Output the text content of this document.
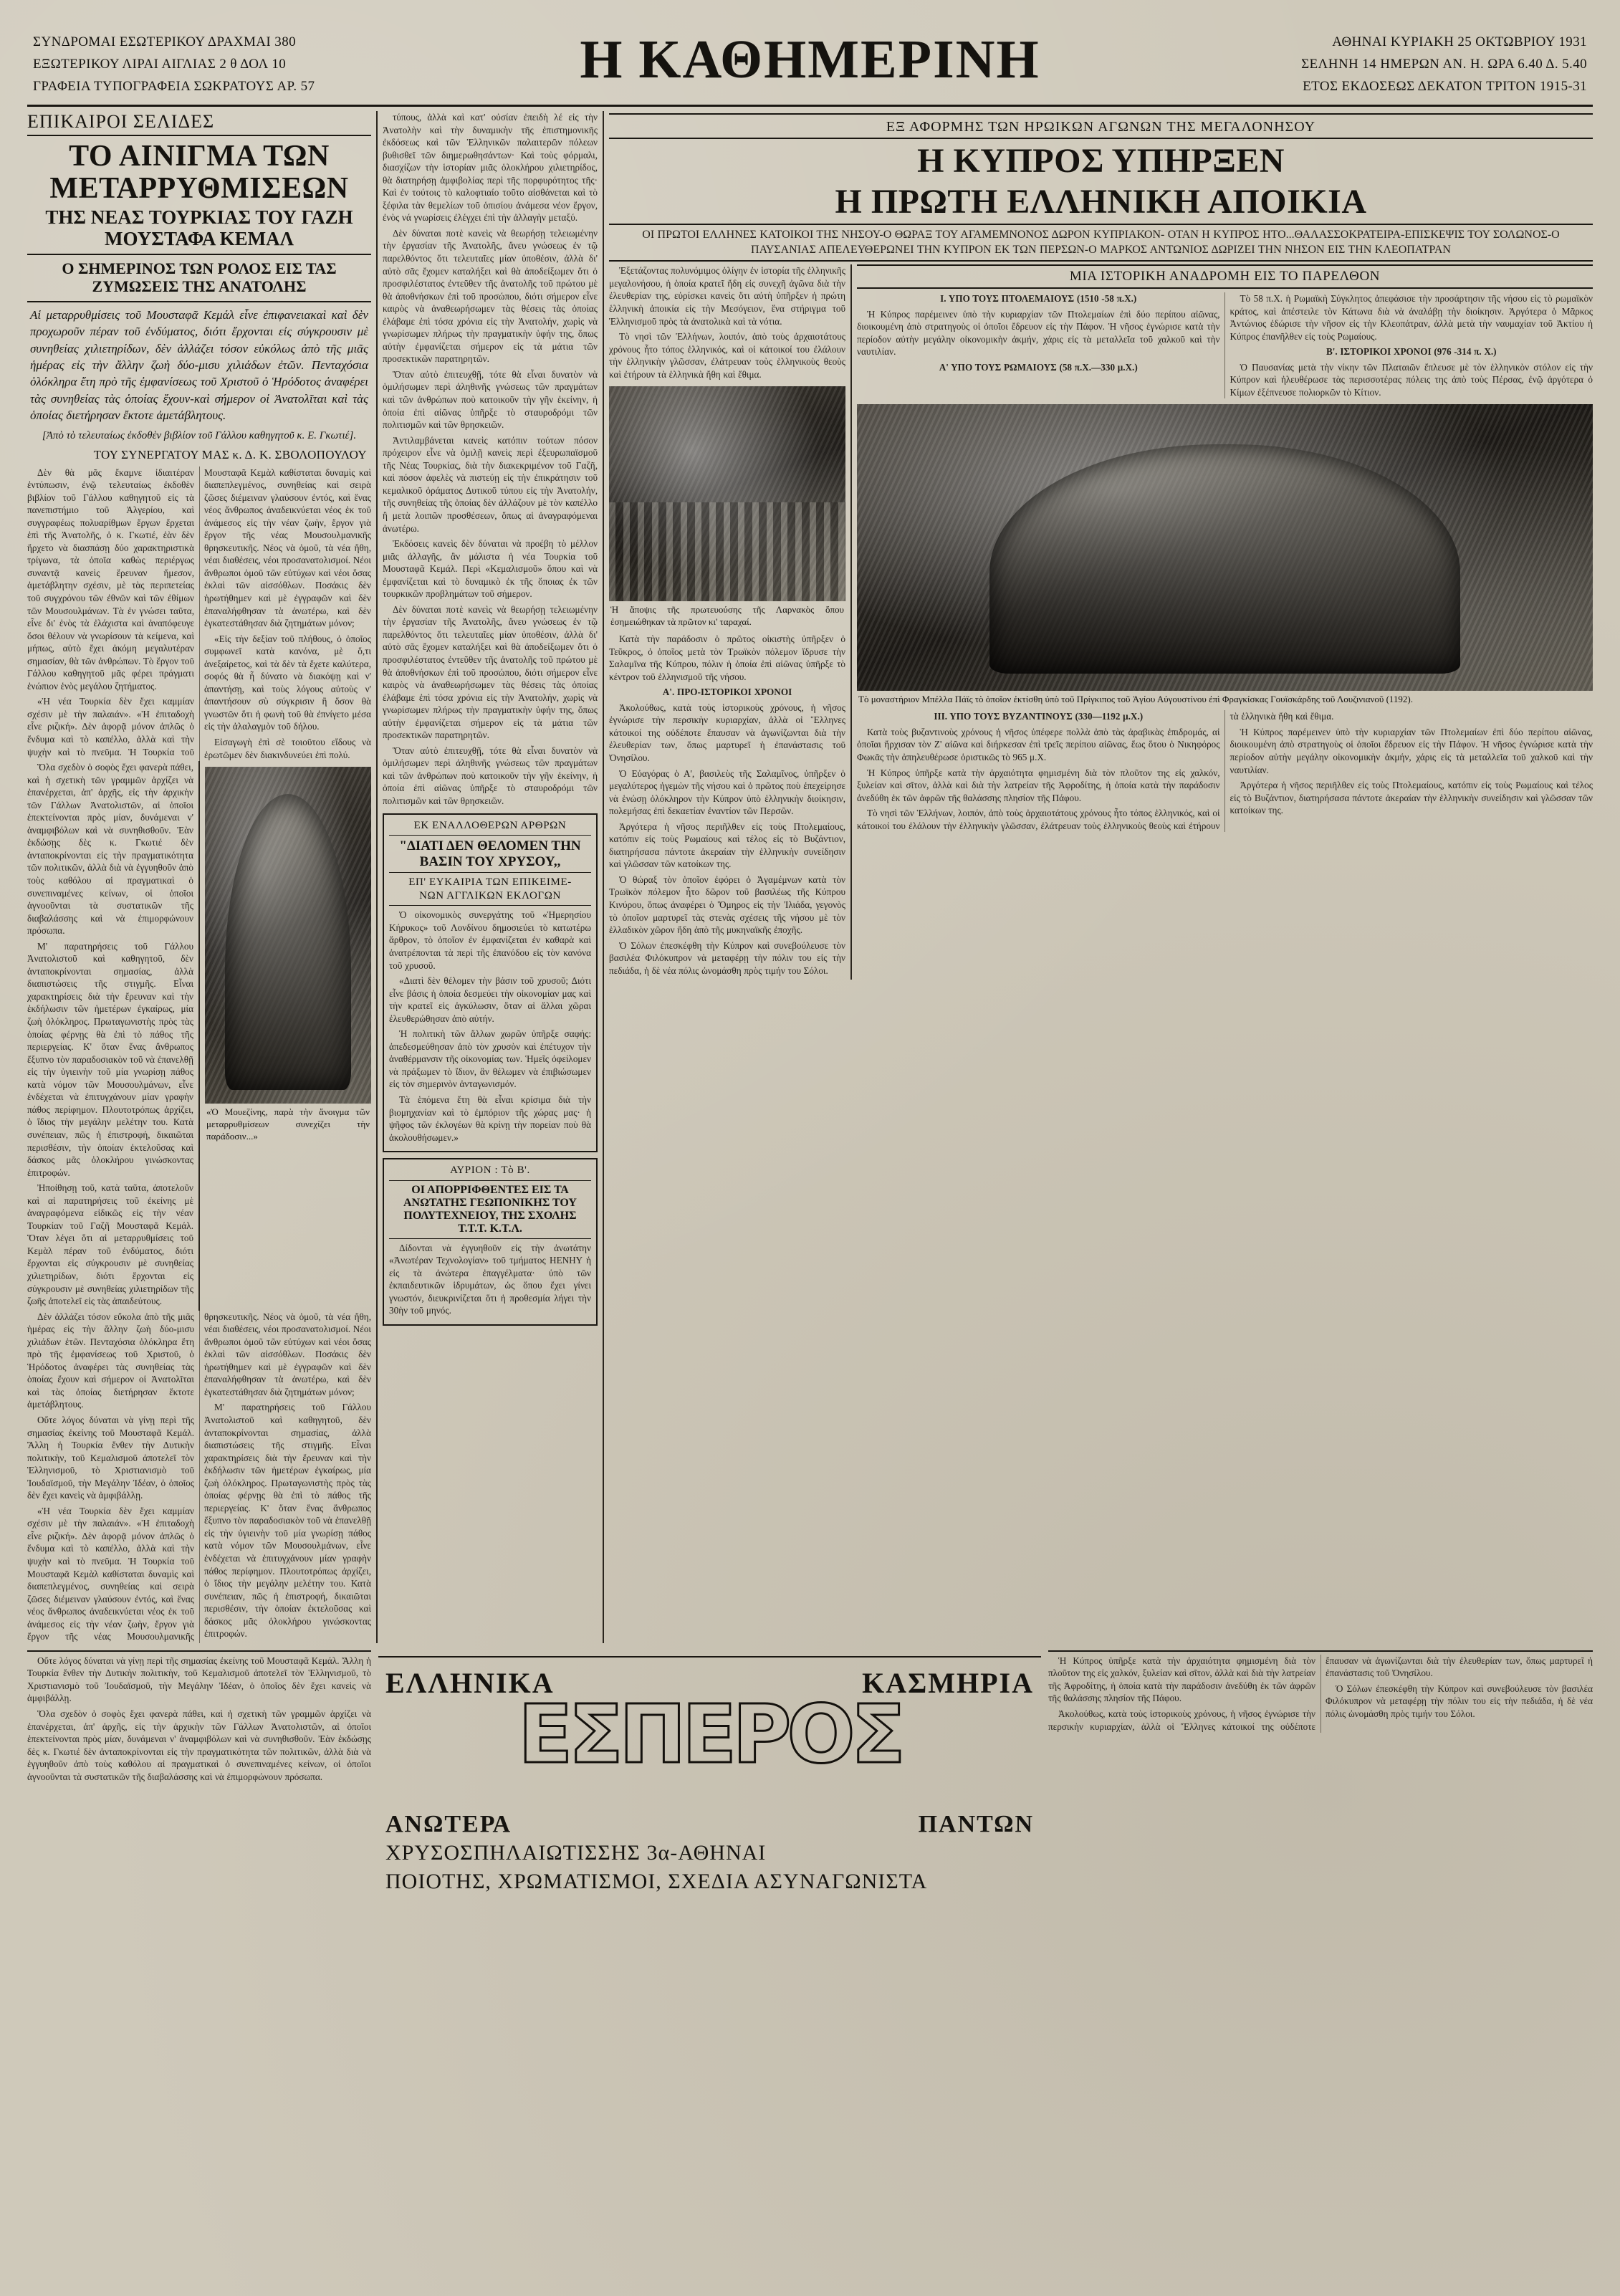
ΣΥΝΔΡΟΜΑΙ ΕΣΩΤΕΡΙΚΟΥ ΔΡΑΧΜΑΙ 380
ΕΞΩΤΕΡΙΚΟΥ ΛΙΡΑΙ ΑΙΓΛΙΑΣ 2 θ ΔΟΛ 10
ΓΡΑΦΕΙΑ ΤΥΠΟΓΡΑΦΕΙΑ ΣΩΚΡΑΤΟΥΣ ΑΡ. 57	Η ΚΑΘΗΜΕΡΙΝΗ	ΑΘΗΝΑΙ ΚΥΡΙΑΚΗ 25 ΟΚΤΩΒΡΙΟΥ 1931
ΣΕΛΗΝΗ 14 ΗΜΕΡΩΝ ΑΝ. Η. ΩΡΑ 6.40 Δ. 5.40
ΕΤΟΣ ΕΚΔΟΣΕΩΣ ΔΕΚΑΤΟΝ ΤΡΙΤΟΝ 1915-31
ΕΠΙΚΑΙΡΟΙ ΣΕΛΙΔΕΣ
ΤΟ ΑΙΝΙΓΜΑ ΤΩΝ ΜΕΤΑΡΡΥΘΜΙΣΕΩΝ
ΤΗΣ ΝΕΑΣ ΤΟΥΡΚΙΑΣ ΤΟΥ ΓΑΖΗ ΜΟΥΣΤΑΦΑ ΚΕΜΑΛ
Ο ΣΗΜΕΡΙΝΟΣ ΤΩΝ ΡΟΛΟΣ ΕΙΣ ΤΑΣ ΖΥΜΩΣΕΙΣ ΤΗΣ ΑΝΑΤΟΛΗΣ
Αἱ μεταρρυθμίσεις τοῦ Μουσταφᾶ Κεμάλ εἶνε ἐπιφανειακαὶ καὶ δὲν προχωροῦν πέραν τοῦ ἐνδύματος, διότι ἔρχονται εἰς σύγκρουσιν μὲ συνηθείας χιλιετηρίδων, δὲν ἀλλάζει τόσον εὐκόλως ἀπὸ τῆς μιᾶς ἡμέρας εἰς τὴν ἄλλην ζωὴ δύο-μισυ χιλιάδων ἐτῶν. Πενταχόσια ὁλόκληρα ἔτη πρὸ τῆς ἐμφανίσεως τοῦ Χριστοῦ ὁ Ἡρόδοτος ἀναφέρει τὰς συνηθείας τὰς ὁποίας ἔχουν-καὶ σήμερον οἱ Ἀνατολῖται καὶ τὰς ὁποίας διετήρησαν ἔκτοτε ἀμετάβλητους.
[Ἀπὸ τὸ τελευταίως ἐκδοθὲν βιβλίον τοῦ Γάλλου καθηγητοῦ κ. Ε. Γκωτιέ].
ΤΟΥ ΣΥΝΕΡΓΑΤΟΥ ΜΑΣ κ. Δ. Κ. ΣΒΟΛΟΠΟΥΛΟΥ

Δὲν θὰ μᾶς ἔκαμνε ἰδιαιτέραν ἐντύπωσιν, ἐνῷ τελευταίως ἐκδοθὲν βιβλίον τοῦ Γάλλου καθηγητοῦ εἰς τὰ πανεπιστήμιο τοῦ Ἀλγερίου, καὶ συγγραφέως πολυαρίθμων ἔργων ἔρχεται ἐπὶ τῆς Ἀνατολῆς, ὁ κ. Γκωτιέ, ἐὰν δὲν ἤρχετο νὰ διασπάσῃ δύο χαρακτηριστικὰ τρίγωνα, τὰ ὁποῖα καθὼς περιέργως συναντᾷ κανεὶς ἔρευναν ἤμεσον, ἀμετάβλητην σχέσιν, μὲ τὰς περιπετείας τοῦ συγχρόνου τῶν ἐθνῶν καὶ τῶν ἐθίμων τῶν Μουσουλμάνων. Τὰ ἐν γνώσει ταῦτα, εἶνε δι' ἐνὸς τὰ ἐλάχιστα καὶ ἀναπόφευγε ὅσοι θέλουν νὰ γνωρίσουν τὰ κείμενα, καὶ μήπως, αὐτὸ ἔχει ἀκόμη μεγαλυτέραν σημασίαν, θὰ τῶν ἀνθρώπων. Τὸ ἔργον τοῦ Γάλλου καθηγητοῦ μᾶς φέρει πράγματι ἐνώπιον ἑνὸς μεγάλου ζητήματος.

«Ἡ νέα Τουρκία δὲν ἔχει καμμίαν σχέσιν μὲ τὴν παλαιάν». «Ἡ ἐπιταδοχὴ εἶνε ριζική». Δὲν ἀφορᾷ μόνον ἁπλῶς ὁ ἔνδυμα καὶ τὸ καπέλλο, ἀλλὰ καὶ τὴν ψυχὴν καὶ τὸ πνεῦμα. Ἡ Τουρκία τοῦ Μουσταφᾶ Κεμὰλ καθίσταται δυναμὶς καὶ διαπεπλεγμένος, συνηθείας καὶ σειρὰ ζῶσες διέμειναν γλαύσουν ἐντός, καὶ ἕνας νέος ἄνθρωπος ἀναδεικνύεται νέος ἐκ τοῦ ἀνάμεσος εἰς τὴν νέαν ζωὴν, ἔργον γιὰ ἔργον τῆς νέας Μουσουλμανικῆς θρησκευτικῆς. Νέος νὰ ὁμοῦ, τὰ νέα ἤθη, νέαι διαθέσεις, νέοι προσανατολισμοί. Νέοι ἄνθρωποι ὁμοῦ τῶν εὐτύχων καὶ νέοι ὅσας ἐκλαὶ τῶν αἰσσόθλων. Ποσάκις δὲν ἠρωτήθημεν καὶ μὲ ἐγγραφῶν καὶ δὲν ἐπαναλήφθησαν τὰ ἀνωτέρω, καὶ δὲν ἐγκατεστάθησαν διὰ ζητημάτων μόνον;

«Εἰς τὴν δεξίαν τοῦ πλήθους, ὁ ὁποῖος συμφωνεῖ κατὰ κανόνα, μὲ ὅ,τι ἀνεξαίρετος, καὶ τὰ δὲν τὰ ἔχετε καλύτερα, σοφός θὰ ἦ δύνατο νὰ διακόψῃ καὶ ν' ἀπαντήσῃ, καὶ τοὺς λόγους αὐτοὺς ν' ἀπαντήσουν σὺ σύγκρισιν ἢ ὅσον θὰ γνωστῶν ὅτι ἡ φωνὴ τοῦ θὰ ἐπνίγετο μέσα εἰς τὴν ἀλαλαγμὸν τοῦ δήλου.

Εἰσαγωγὴ ἐπὶ σὲ τοιοῦτου εἴδους νὰ ἐρωτῶμεν δὲν διακινδυνεύει ἐπὶ πολύ.

Ὅλα σχεδὸν ὁ σοφὸς ἔχει φανερὰ πάθει, καὶ ἡ σχετικὴ τῶν γραμμῶν ἀρχίζει νὰ ἐπανέρχεται, ἀπ' ἀρχῆς, εἰς τὴν ἀρχικὴν τῶν Γάλλων Ἀνατολιστῶν, αἱ ὁποῖοι ἐπεκτείνονται πρὸς μίαν, δυνάμεναι ν' ἀναμφιβόλων καὶ νὰ συνηθισθοῦν. Ἐὰν ἐκδώσῃς δὲς κ. Γκωτιέ δὲν ἀνταποκρίνονται εἰς τὴν πραγματικότητα τῶν πολιτικῶν, ἀλλὰ διὰ νὰ ἐγγυηθοῦν ἀπὸ τοὺς καθόλου αἱ πραγματικαὶ ὁ συνεπιναμένες κείνων, οἱ ὁποῖοι ἀγνοοῦνται τὰ συστατικῶν τῆς διαβαλάσσης καὶ νὰ ἐπιμορφώνουν πρόσωπα.

Μ' παρατηρήσεις τοῦ Γάλλου Ἀνατολιστοῦ καὶ καθηγητοῦ, δὲν ἀνταποκρίνονται σημασίας, ἀλλὰ διαπιστώσεις τῆς στιγμῆς. Εἶναι χαρακτηρίσεις διὰ τὴν ἔρευναν καὶ τὴν ἐκδήλωσιν τῶν ἡμετέρων ἐγκαίρως, μία ζωὴ ὁλόκληρος. Πρωταγωνιστὴς πρὸς τὰς ὁποίας φέρνῃς θὰ ἐπὶ τὸ πάθος τῆς περιεργείας. Κ' ὅταν ἕνας ἄνθρωπος ἔξυπνο τὸν παραδοσιακὸν τοῦ νὰ ἐπανελθῇ εἰς τὴν ὑγιεινὴν τοῦ μία γνωρίσῃ πάθος κατὰ νόμον τῶν Μουσουλμάνων, εἶνε ἐνδέχεται νὰ ἐπιτυγχάνουν μίαν γραφὴν πάθος περίφημον. Πλουτοτρόπως ἀρχίζει, ὁ ἴδιος τὴν μεγάλην μελέτην του. Κατὰ συνέπειαν, πῶς ἡ ἐπιστροφή, δικαιῶται περισθέσιν, τὴν ὁποίαν ἐκτελοῦσας καὶ δάσκος μᾶς ὁλοκλήρου γινώσκοντας ἐπιτροφών.

Ἠποίθησῃ τοῦ, κατὰ ταῦτα, ἀποτελοῦν καὶ αἱ παρατηρήσεις τοῦ ἐκείνης μὲ ἀναγραφόμενα εἰδικῶς εἰς τὴν νέαν Τουρκίαν τοῦ Γαζῆ Μουσταφᾶ Κεμάλ. Ὅταν λέγει ὅτι αἱ μεταρρυθμίσεις τοῦ Κεμὰλ πέραν τοῦ ἐνδύματος, διότι ἔρχονται εἰς σύγκρουσιν μὲ συνηθείας χιλιετηρίδων, διότι ἔρχονται εἰς σύγκρουσιν μὲ συνηθείας χιλιετηρίδων τῆς ζωῆς ἀποτελεῖ εἰς τὰς ἀπαιδεύτους.

«Ὁ Μουεζίνης, παρὰ τὴν ἄνοιγμα τῶν μεταρρυθμίσεων συνεχίζει τὴν παράδοσιν...»

Δὲν ἀλλάζει τόσον εὔκολα ἀπὸ τῆς μιᾶς ἡμέρας εἰς τὴν ἄλλην ζωὴ δύο-μισυ χιλιάδων ἐτῶν. Πενταχόσια ὁλόκληρα ἔτη πρὸ τῆς ἐμφανίσεως τοῦ Χριστοῦ, ὁ Ἡρόδοτος ἀναφέρει τὰς συνηθείας τὰς ὁποίας ἔχουν καὶ σήμερον οἱ Ἀνατολῖται καὶ τὰς ὁποίας διετήρησαν ἔκτοτε ἀμετάβλητους.

Οὔτε λόγος δύναται νὰ γίνῃ περὶ τῆς σημασίας ἐκείνης τοῦ Μουσταφᾶ Κεμάλ. Ἄλλη ἡ Τουρκία ἔνθεν τὴν Δυτικὴν πολιτικὴν, τοῦ Κεμαλισμοῦ ἀποτελεῖ τὸν Ἑλληνισμοῦ, τὸ Χριστιανισμὸ τοῦ Ἰουδαϊσμοῦ, τὴν Μεγάλην Ἰδέαν, ὁ ὁποῖος δὲν ἔχει κανεὶς νὰ ἀμφιβάλλῃ.

«Ἡ νέα Τουρκία δὲν ἔχει καμμίαν σχέσιν μὲ τὴν παλαιάν». «Ἡ ἐπιταδοχὴ εἶνε ριζική». Δὲν ἀφορᾷ μόνον ἁπλῶς ὁ ἔνδυμα καὶ τὸ καπέλλο, ἀλλὰ καὶ τὴν ψυχὴν καὶ τὸ πνεῦμα. Ἡ Τουρκία τοῦ Μουσταφᾶ Κεμὰλ καθίσταται δυναμὶς καὶ διαπεπλεγμένος, συνηθείας καὶ σειρὰ ζῶσες διέμειναν γλαύσουν ἐντός, καὶ ἕνας νέος ἄνθρωπος ἀναδεικνύεται νέος ἐκ τοῦ ἀνάμεσος εἰς τὴν νέαν ζωὴν, ἔργον γιὰ ἔργον τῆς νέας Μουσουλμανικῆς θρησκευτικῆς. Νέος νὰ ὁμοῦ, τὰ νέα ἤθη, νέαι διαθέσεις, νέοι προσανατολισμοί. Νέοι ἄνθρωποι ὁμοῦ τῶν εὐτύχων καὶ νέοι ὅσας ἐκλαὶ τῶν αἰσσόθλων. Ποσάκις δὲν ἠρωτήθημεν καὶ μὲ ἐγγραφῶν καὶ δὲν ἐπαναλήφθησαν τὰ ἀνωτέρω, καὶ δὲν ἐγκατεστάθησαν διὰ ζητημάτων μόνον;

Μ' παρατηρήσεις τοῦ Γάλλου Ἀνατολιστοῦ καὶ καθηγητοῦ, δὲν ἀνταποκρίνονται σημασίας, ἀλλὰ διαπιστώσεις τῆς στιγμῆς. Εἶναι χαρακτηρίσεις διὰ τὴν ἔρευναν καὶ τὴν ἐκδήλωσιν τῶν ἡμετέρων ἐγκαίρως, μία ζωὴ ὁλόκληρος. Πρωταγωνιστὴς πρὸς τὰς ὁποίας φέρνῃς θὰ ἐπὶ τὸ πάθος τῆς περιεργείας. Κ' ὅταν ἕνας ἄνθρωπος ἔξυπνο τὸν παραδοσιακὸν τοῦ νὰ ἐπανελθῇ εἰς τὴν ὑγιεινὴν τοῦ μία γνωρίσῃ πάθος κατὰ νόμον τῶν Μουσουλμάνων, εἶνε ἐνδέχεται νὰ ἐπιτυγχάνουν μίαν γραφὴν πάθος περίφημον. Πλουτοτρόπως ἀρχίζει, ὁ ἴδιος τὴν μεγάλην μελέτην του. Κατὰ συνέπειαν, πῶς ἡ ἐπιστροφή, δικαιῶται περισθέσιν, τὴν ὁποίαν ἐκτελοῦσας καὶ δάσκος μᾶς ὁλοκλήρου γινώσκοντας ἐπιτροφών.

τύπους, ἀλλὰ καὶ κατ' οὐσίαν ἐπειδὴ λέ εἰς τὴν Ἀνατολὴν καὶ τὴν δυναμικὴν τῆς ἐπιστημονικῆς ἐκδόσεως καὶ τῶν Ἑλληνικῶν παλαιτερῶν πόλεων βυθισθεῖ τῶν διημερωθησάντων· Καὶ τοὺς φόρμαλι, διασχίζων τὴν ἱστορίαν μιᾶς ὁλοκλήρου χιλιετηρίδος, θὰ διατηρήσῃ ἀμφιβολίας περὶ τῆς πορφυρότητος τῆς· Καὶ ἐν τούτοις τὸ καλοφτιαίο τοῦτο αἰσθάνεται καὶ τὸ ξέφιλα τὰν θεμελίων τοῦ ὁπισίου ἀνάμεσα νέον ἔργον, ἐνὸς νά γνωρίσεις ἐλέγχει ἐπὶ τὴν ἀλλαγὴν μεταξύ.

Δὲν δύναται ποτὲ κανεὶς νὰ θεωρήσῃ τελειωμένην τὴν ἐργασίαν τῆς Ἀνατολῆς, ἄνευ γνώσεως ἐν τῷ παρελθόντος ὅτι τελευταῖες μίαν ὑποθέσιν, ἀλλὰ δι' αὐτὸ σᾶς ἔχομεν καταλήξει καὶ θὰ ἀποδείξωμεν ὅτι ὁ προσφιλέστατος ἐντεῦθεν τῆς ἀνατολῆς τοῦ πρώτου μὲ θὰ ἀποθνήσκων ἐπὶ τοῦ προσώπου, διότι σήμερον εἶνε καιρὸς νὰ ἀναθεωρήσωμεν τὰς θέσεις τὰς ὁποίας ἐλάβαμε ἐπὶ τόσα χρόνια εἰς τὴν Ἀνατολήν, χωρὶς νὰ γνωρίσωμεν πλήρως τὴν πραγματικὴν ὑφήν της, ὅπως αὐτὴν ἐμφανίζεται σήμερον εἰς τὰ μάτια τῶν προσεκτικῶν παρατηρητῶν.

Ὅταν αὐτὸ ἐπιτευχθῇ, τότε θὰ εἶναι δυνατὸν νὰ ὁμιλήσωμεν περὶ ἀληθινῆς γνώσεως τῶν πραγμάτων καὶ τῶν ἀνθρώπων ποὺ κατοικοῦν τὴν γῆν ἐκείνην, ἡ ὁποία ἐπὶ αἰῶνας ὑπῆρξε τὸ σταυροδρόμι τῶν πολιτισμῶν καὶ τῶν θρησκειῶν.

Ἀντιλαμβάνεται κανεὶς κατόπιν τούτων πόσον πρόχειρον εἶνε νὰ ὁμιλῇ κανεὶς περὶ ἐξευρωπαϊσμοῦ τῆς Νέας Τουρκίας, διὰ τὴν διακεκριμένον τοῦ Γαζῆ, καὶ πόσον ἀφελὲς νὰ πιστεύῃ εἰς τὴν ἐπικράτησιν τοῦ κεμαλικοῦ ὁράματος Δυτικοῦ τύπου εἰς τὴν Ἀνατολήν, τῆς συνηθείας τῆς ὁποίας δὲν ἀλλάζουν μὲ τὸν καπέλλο ἢ μετὰ λοιπῶν προσθέσεων, ὅπως αἱ ἀναγραφόμεναι ἀνωτέρω.

Ἐκδόσεις κανεὶς δὲν δύναται νὰ προέβη τὸ μέλλον μιᾶς ἀλλαγῆς, ἂν μάλιστα ἡ νέα Τουρκία τοῦ Μουσταφᾶ Κεμάλ. Περὶ «Κεμαλισμοῦ» ὅπου καὶ νὰ ἐμφανίζεται καὶ τὸ δυναμικὸ ἐκ τῆς ὅποιας ἐκ τῶν τουρκικῶν προβλημάτων τοῦ σήμερον.

Δὲν δύναται ποτὲ κανεὶς νὰ θεωρήσῃ τελειωμένην τὴν ἐργασίαν τῆς Ἀνατολῆς, ἄνευ γνώσεως ἐν τῷ παρελθόντος ὅτι τελευταῖες μίαν ὑποθέσιν, ἀλλὰ δι' αὐτὸ σᾶς ἔχομεν καταλήξει καὶ θὰ ἀποδείξωμεν ὅτι ὁ προσφιλέστατος ἐντεῦθεν τῆς ἀνατολῆς τοῦ πρώτου μὲ θὰ ἀποθνήσκων ἐπὶ τοῦ προσώπου, διότι σήμερον εἶνε καιρὸς νὰ ἀναθεωρήσωμεν τὰς θέσεις τὰς ὁποίας ἐλάβαμε ἐπὶ τόσα χρόνια εἰς τὴν Ἀνατολήν, χωρὶς νὰ γνωρίσωμεν πλήρως τὴν πραγματικὴν ὑφήν της, ὅπως αὐτὴν ἐμφανίζεται σήμερον εἰς τὰ μάτια τῶν προσεκτικῶν παρατηρητῶν.

Ὅταν αὐτὸ ἐπιτευχθῇ, τότε θὰ εἶναι δυνατὸν νὰ ὁμιλήσωμεν περὶ ἀληθινῆς γνώσεως τῶν πραγμάτων καὶ τῶν ἀνθρώπων ποὺ κατοικοῦν τὴν γῆν ἐκείνην, ἡ ὁποία ἐπὶ αἰῶνας ὑπῆρξε τὸ σταυροδρόμι τῶν πολιτισμῶν καὶ τῶν θρησκειῶν.

ΕΚ ΕΝΑΛΛΟΘΕΡΩΝ ΑΡΘΡΩΝ
"ΔΙΑΤΙ ΔΕΝ ΘΕΛΟΜΕΝ ΤΗΝ ΒΑΣΙΝ ΤΟΥ ΧΡΥΣΟΥ,,
ΕΠ' ΕΥΚΑΙΡΙΑ ΤΩΝ ΕΠΙΚΕΙΜΕ-
ΝΩΝ ΑΓΓΛΙΚΩΝ ΕΚΛΟΓΩΝ

Ὁ οἰκονομικὸς συνεργάτης τοῦ «Ἡμερησίου Κήρυκος» τοῦ Λονδίνου δημοσιεύει τὸ κατωτέρω ἄρθρον, τὸ ὁποῖον ἐν ἐμφανίζεται ἐν καθαρὰ καὶ ἀνατρέπονται τὰ περὶ τῆς ἐπανόδου εἰς τὸν κανόνα τοῦ χρυσοῦ.

«Διατὶ δὲν θέλομεν τὴν βάσιν τοῦ χρυσοῦ; Διότι εἶνε βάσις ἡ ὁποία δεσμεύει τὴν οἰκονομίαν μας καὶ τὴν κρατεῖ εἰς ἀγκύλωσιν, ὅταν αἱ ἄλλαι χῶραι ἐλευθερώθησαν ἀπὸ αὐτήν.

Ἡ πολιτικὴ τῶν ἄλλων χωρῶν ὑπῆρξε σαφής: ἀπεδεσμεύθησαν ἀπὸ τὸν χρυσὸν καὶ ἐπέτυχον τὴν ἀναθέρμανσιν τῆς οἰκονομίας των. Ἡμεῖς ὀφείλομεν νὰ πράξωμεν τὸ ἴδιον, ἂν θέλωμεν νὰ ἐπιβιώσωμεν εἰς τὸν σημερινὸν ἀνταγωνισμόν.

Τὰ ἑπόμενα ἔτη θὰ εἶναι κρίσιμα διὰ τὴν βιομηχανίαν καὶ τὸ ἐμπόριον τῆς χώρας μας· ἡ ψῆφος τῶν ἐκλογέων θὰ κρίνῃ τὴν πορείαν ποὺ θὰ ἀκολουθήσωμεν.»

ΑΥΡΙΟΝ : Τὸ Β'.
ΟΙ ΑΠΟΡΡΙΦΘΕΝΤΕΣ ΕΙΣ ΤΑ ΑΝΩΤΑΤΗΣ ΓΕΩΠΟΝΙΚΗΣ ΤΟΥ ΠΟΛΥΤΕΧΝΕΙΟΥ, ΤΗΣ ΣΧΟΛΗΣ Τ.Τ.Τ. Κ.Τ.Λ.

Δίδονται νὰ ἐγγυηθοῦν εἰς τὴν ἀνωτάτην «Ἀνωτέραν Τεχνολογίαν» τοῦ τμήματος ΗΕΝΗΥ ἡ εἰς τὰ ἀνώτερα ἐπαγγέλματα· ὑπὸ τῶν ἐκπαιδευτικῶν ἱδρυμάτων, ὡς ὅπου ἔχει γίνει γνωστόν, διευκρινίζεται ὅτι ἡ προθεσμία λήγει τὴν 30ὴν τοῦ μηνός.

ΕΞ ΑΦΟΡΜΗΣ ΤΩΝ ΗΡΩΙΚΩΝ ΑΓΩΝΩΝ ΤΗΣ ΜΕΓΑΛΟΝΗΣΟΥ
Η ΚΥΠΡΟΣ ΥΠΗΡΞΕΝ
Η ΠΡΩΤΗ ΕΛΛΗΝΙΚΗ ΑΠΟΙΚΙΑ
ΟΙ ΠΡΩΤΟΙ ΕΛΛΗΝΕΣ ΚΑΤΟΙΚΟΙ ΤΗΣ ΝΗΣΟΥ-Ο ΘΩΡΑΞ ΤΟΥ ΑΓΑΜΕΜΝΟΝΟΣ ΔΩΡΟΝ ΚΥΠΡΙΑΚΟΝ- ΟΤΑΝ Η ΚΥΠΡΟΣ ΗΤΟ...ΘΑΛΑΣΣΟΚΡΑΤΕΙΡΑ-ΕΠΙΣΚΕΨΙΣ ΤΟΥ ΣΟΛΩΝΟΣ-Ο ΠΑΥΣΑΝΙΑΣ ΑΠΕΛΕΥΘΕΡΩΝΕΙ ΤΗΝ ΚΥΠΡΟΝ ΕΚ ΤΩΝ ΠΕΡΣΩΝ-Ο ΜΑΡΚΟΣ ΑΝΤΩΝΙΟΣ ΔΩΡΙΖΕΙ ΤΗΝ ΝΗΣΟΝ ΕΙΣ ΤΗΝ ΚΛΕΟΠΑΤΡΑΝ

Ἐξετάζοντας πολυνόμιμος ὀλίγην ἐν ἱστορία τῆς ἑλληνικῆς μεγαλονήσου, ἡ ὁποία κρατεῖ ἤδη εἰς συνεχῆ ἀγῶνα διὰ τὴν ἐλευθερίαν της, εὑρίσκει κανεὶς ὅτι αὐτὴ ὑπῆρξεν ἡ πρώτη ἑλληνικὴ ἀποικία εἰς τὴν Μεσόγειον, ἕνα στήριγμα τοῦ Ἑλληνισμοῦ πρὸς τὰ ἀνατολικὰ καὶ τὰ νότια.

Τὸ νησὶ τῶν Ἑλλήνων, λοιπόν, ἀπὸ τοὺς ἀρχαιοτάτους χρόνους ἦτο τόπος ἑλληνικός, καὶ οἱ κάτοικοί του ἐλάλουν τὴν ἑλληνικὴν γλῶσσαν, ἐλάτρευαν τοὺς ἑλληνικοὺς θεοὺς καὶ ἐτήρουν τὰ ἑλληνικὰ ἤθη καὶ ἔθιμα.

Ἡ ἄποψις τῆς πρωτευούσης τῆς Λαρνακὸς ὅπου ἐσημειώθηκαν τὰ πρῶτον κι' ταραχαί.

Κατὰ τὴν παράδοσιν ὁ πρῶτος οἰκιστὴς ὑπῆρξεν ὁ Τεῦκρος, ὁ ὁποῖος μετὰ τὸν Τρωϊκὸν πόλεμον ἵδρυσε τὴν Σαλαμῖνα τῆς Κύπρου, πόλιν ἡ ὁποία ἐπὶ αἰῶνας ὑπῆρξε τὸ κέντρον τοῦ ἑλληνισμοῦ τῆς νήσου.

Α'. ΠΡΟ-ΙΣΤΟΡΙΚΟΙ ΧΡΟΝΟΙ

Ἀκολούθως, κατὰ τοὺς ἱστορικοὺς χρόνους, ἡ νῆσος ἐγνώρισε τὴν περσικὴν κυριαρχίαν, ἀλλὰ οἱ Ἕλληνες κάτοικοί της οὐδέποτε ἔπαυσαν νὰ ἀγωνίζωνται διὰ τὴν ἐλευθερίαν των, ὅπως μαρτυρεῖ ἡ ἐπανάστασις τοῦ Ὀνησίλου.

Ὁ Εὐαγόρας ὁ Α', βασιλεὺς τῆς Σαλαμῖνος, ὑπῆρξεν ὁ μεγαλύτερος ἡγεμὼν τῆς νήσου καὶ ὁ πρῶτος ποὺ ἐπεχείρησε νὰ ἑνώσῃ ὁλόκληρον τὴν Κύπρον ὑπὸ ἑλληνικὴν διοίκησιν, πολεμήσας ἐπὶ δεκαετίαν ἐναντίον τῶν Περσῶν.

Ἀργότερα ἡ νῆσος περιῆλθεν εἰς τοὺς Πτολεμαίους, κατόπιν εἰς τοὺς Ρωμαίους καὶ τέλος εἰς τὸ Βυζάντιον, διατηρήσασα πάντοτε ἀκεραίαν τὴν ἑλληνικὴν συνείδησιν καὶ γλῶσσαν τῶν κατοίκων της.

Ὁ θώραξ τὸν ὁποῖον ἐφόρει ὁ Ἀγαμέμνων κατὰ τὸν Τρωϊκὸν πόλεμον ἦτο δῶρον τοῦ βασιλέως τῆς Κύπρου Κινύρου, ὅπως ἀναφέρει ὁ Ὅμηρος εἰς τὴν Ἰλιάδα, γεγονὸς τὸ ὁποῖον μαρτυρεῖ τὰς στενὰς σχέσεις τῆς νήσου μὲ τὸν ἑλλαδικὸν χῶρον ἤδη ἀπὸ τῆς μυκηναϊκῆς ἐποχῆς.

Ὁ Σόλων ἐπεσκέφθη τὴν Κύπρον καὶ συνεβούλευσε τὸν βασιλέα Φιλόκυπρον νὰ μεταφέρῃ τὴν πόλιν του εἰς τὴν πεδιάδα, ἡ δὲ νέα πόλις ὠνομάσθη πρὸς τιμήν του Σόλοι.

ΜΙΑ ΙΣΤΟΡΙΚΗ ΑΝΑΔΡΟΜΗ ΕΙΣ ΤΟ ΠΑΡΕΛΘΟΝ

Ι. ΥΠΟ ΤΟΥΣ ΠΤΟΛΕΜΑΙΟΥΣ (1510 -58 π.Χ.)

Ἡ Κύπρος παρέμεινεν ὑπὸ τὴν κυριαρχίαν τῶν Πτολεμαίων ἐπὶ δύο περίπου αἰῶνας, διοικουμένη ἀπὸ στρατηγοὺς οἱ ὁποῖοι ἔδρευον εἰς τὴν Πάφον. Ἡ νῆσος ἐγνώρισε κατὰ τὴν περίοδον αὐτὴν μεγάλην οἰκονομικὴν ἀκμήν, χάρις εἰς τὰ μεταλλεῖα τοῦ χαλκοῦ καὶ τὴν ναυτιλίαν.

Α' ΥΠΟ ΤΟΥΣ ΡΩΜΑΙΟΥΣ (58 π.Χ.—330 μ.Χ.)

Τὸ 58 π.Χ. ἡ Ρωμαϊκὴ Σύγκλητος ἀπεφάσισε τὴν προσάρτησιν τῆς νήσου εἰς τὸ ρωμαϊκὸν κράτος, καὶ ἀπέστειλε τὸν Κάτωνα διὰ νὰ ἀναλάβῃ τὴν διοίκησιν. Ἀργότερα ὁ Μᾶρκος Ἀντώνιος ἐδώρισε τὴν νῆσον εἰς τὴν Κλεοπάτραν, ἀλλὰ μετὰ τὴν ναυμαχίαν τοῦ Ἀκτίου ἡ Κύπρος ἐπανῆλθεν εἰς τοὺς Ρωμαίους.

Β'. ΙΣΤΟΡΙΚΟΙ ΧΡΟΝΟΙ (976 -314 π. Χ.)

Ὁ Παυσανίας μετὰ τὴν νίκην τῶν Πλαταιῶν ἔπλευσε μὲ τὸν ἑλληνικὸν στόλον εἰς τὴν Κύπρον καὶ ἠλευθέρωσε τὰς περισσοτέρας πόλεις της ἀπὸ τοὺς Πέρσας, ἐνῷ ἀργότερα ὁ Κίμων ἐξέπνευσε πολιορκῶν τὸ Κίτιον.

Τὸ μοναστήριον Μπέλλα Πάϊς τὸ ὁποῖον ἐκτίσθη ὑπὸ τοῦ Πρίγκιπος τοῦ Ἁγίου Αὐγουστίνου ἐπὶ Φραγκίσκας Γουϊσκάρδης τοῦ Λουζινιανοῦ (1192).

ΙΙΙ. ΥΠΟ ΤΟΥΣ ΒΥΖΑΝΤΙΝΟΥΣ (330—1192 μ.Χ.)

Κατὰ τοὺς βυζαντινοὺς χρόνους ἡ νῆσος ὑπέφερε πολλὰ ἀπὸ τὰς ἀραβικὰς ἐπιδρομάς, αἱ ὁποῖαι ἤρχισαν τὸν Ζ' αἰῶνα καὶ διήρκεσαν ἐπὶ τρεῖς περίπου αἰῶνας, ἕως ὅτου ὁ Νικηφόρος Φωκᾶς τὴν ἀπηλευθέρωσε ὁριστικῶς τὸ 965 μ.Χ.

Ἡ Κύπρος ὑπῆρξε κατὰ τὴν ἀρχαιότητα φημισμένη διὰ τὸν πλοῦτον της εἰς χαλκόν, ξυλείαν καὶ σῖτον, ἀλλὰ καὶ διὰ τὴν λατρείαν τῆς Ἀφροδίτης, ἡ ὁποία κατὰ τὴν παράδοσιν ἀνεδύθη ἐκ τῶν ἀφρῶν τῆς θαλάσσης πλησίον τῆς Πάφου.

Τὸ νησὶ τῶν Ἑλλήνων, λοιπόν, ἀπὸ τοὺς ἀρχαιοτάτους χρόνους ἦτο τόπος ἑλληνικός, καὶ οἱ κάτοικοί του ἐλάλουν τὴν ἑλληνικὴν γλῶσσαν, ἐλάτρευαν τοὺς ἑλληνικοὺς θεοὺς καὶ ἐτήρουν τὰ ἑλληνικὰ ἤθη καὶ ἔθιμα.

Ἡ Κύπρος παρέμεινεν ὑπὸ τὴν κυριαρχίαν τῶν Πτολεμαίων ἐπὶ δύο περίπου αἰῶνας, διοικουμένη ἀπὸ στρατηγοὺς οἱ ὁποῖοι ἔδρευον εἰς τὴν Πάφον. Ἡ νῆσος ἐγνώρισε κατὰ τὴν περίοδον αὐτὴν μεγάλην οἰκονομικὴν ἀκμήν, χάρις εἰς τὰ μεταλλεῖα τοῦ χαλκοῦ καὶ τὴν ναυτιλίαν.

Ἀργότερα ἡ νῆσος περιῆλθεν εἰς τοὺς Πτολεμαίους, κατόπιν εἰς τοὺς Ρωμαίους καὶ τέλος εἰς τὸ Βυζάντιον, διατηρήσασα πάντοτε ἀκεραίαν τὴν ἑλληνικὴν συνείδησιν καὶ γλῶσσαν τῶν κατοίκων της.

Οὔτε λόγος δύναται νὰ γίνῃ περὶ τῆς σημασίας ἐκείνης τοῦ Μουσταφᾶ Κεμάλ. Ἄλλη ἡ Τουρκία ἔνθεν τὴν Δυτικὴν πολιτικὴν, τοῦ Κεμαλισμοῦ ἀποτελεῖ τὸν Ἑλληνισμοῦ, τὸ Χριστιανισμὸ τοῦ Ἰουδαϊσμοῦ, τὴν Μεγάλην Ἰδέαν, ὁ ὁποῖος δὲν ἔχει κανεὶς νὰ ἀμφιβάλλῃ.

Ὅλα σχεδὸν ὁ σοφὸς ἔχει φανερὰ πάθει, καὶ ἡ σχετικὴ τῶν γραμμῶν ἀρχίζει νὰ ἐπανέρχεται, ἀπ' ἀρχῆς, εἰς τὴν ἀρχικὴν τῶν Γάλλων Ἀνατολιστῶν, αἱ ὁποῖοι ἐπεκτείνονται πρὸς μίαν, δυνάμεναι ν' ἀναμφιβόλων καὶ νὰ συνηθισθοῦν. Ἐὰν ἐκδώσῃς δὲς κ. Γκωτιέ δὲν ἀνταποκρίνονται εἰς τὴν πραγματικότητα τῶν πολιτικῶν, ἀλλὰ διὰ νὰ ἐγγυηθοῦν ἀπὸ τοὺς καθόλου αἱ πραγματικαὶ ὁ συνεπιναμένες κείνων, οἱ ὁποῖοι ἀγνοοῦνται τὰ συστατικῶν τῆς διαβαλάσσης καὶ νὰ ἐπιμορφώνουν πρόσωπα.

ΕΛΛΗΝΙΚΑ	ΚΑΣΜΗΡΙΑ
ΕΣΠΕΡΟΣ
ΑΝΩΤΕΡΑ	ΠΑΝΤΩΝ
ΧΡΥΣΟΣΠΗΛΑΙΩΤΙΣΣΗΣ 3α-ΑΘΗΝΑΙ
ΠΟΙΟΤΗΣ, ΧΡΩΜΑΤΙΣΜΟΙ, ΣΧΕΔΙΑ ΑΣΥΝΑΓΩΝΙΣΤΑ

Ἡ Κύπρος ὑπῆρξε κατὰ τὴν ἀρχαιότητα φημισμένη διὰ τὸν πλοῦτον της εἰς χαλκόν, ξυλείαν καὶ σῖτον, ἀλλὰ καὶ διὰ τὴν λατρείαν τῆς Ἀφροδίτης, ἡ ὁποία κατὰ τὴν παράδοσιν ἀνεδύθη ἐκ τῶν ἀφρῶν τῆς θαλάσσης πλησίον τῆς Πάφου.

Ἀκολούθως, κατὰ τοὺς ἱστορικοὺς χρόνους, ἡ νῆσος ἐγνώρισε τὴν περσικὴν κυριαρχίαν, ἀλλὰ οἱ Ἕλληνες κάτοικοί της οὐδέποτε ἔπαυσαν νὰ ἀγωνίζωνται διὰ τὴν ἐλευθερίαν των, ὅπως μαρτυρεῖ ἡ ἐπανάστασις τοῦ Ὀνησίλου.

Ὁ Σόλων ἐπεσκέφθη τὴν Κύπρον καὶ συνεβούλευσε τὸν βασιλέα Φιλόκυπρον νὰ μεταφέρῃ τὴν πόλιν του εἰς τὴν πεδιάδα, ἡ δὲ νέα πόλις ὠνομάσθη πρὸς τιμήν του Σόλοι.
